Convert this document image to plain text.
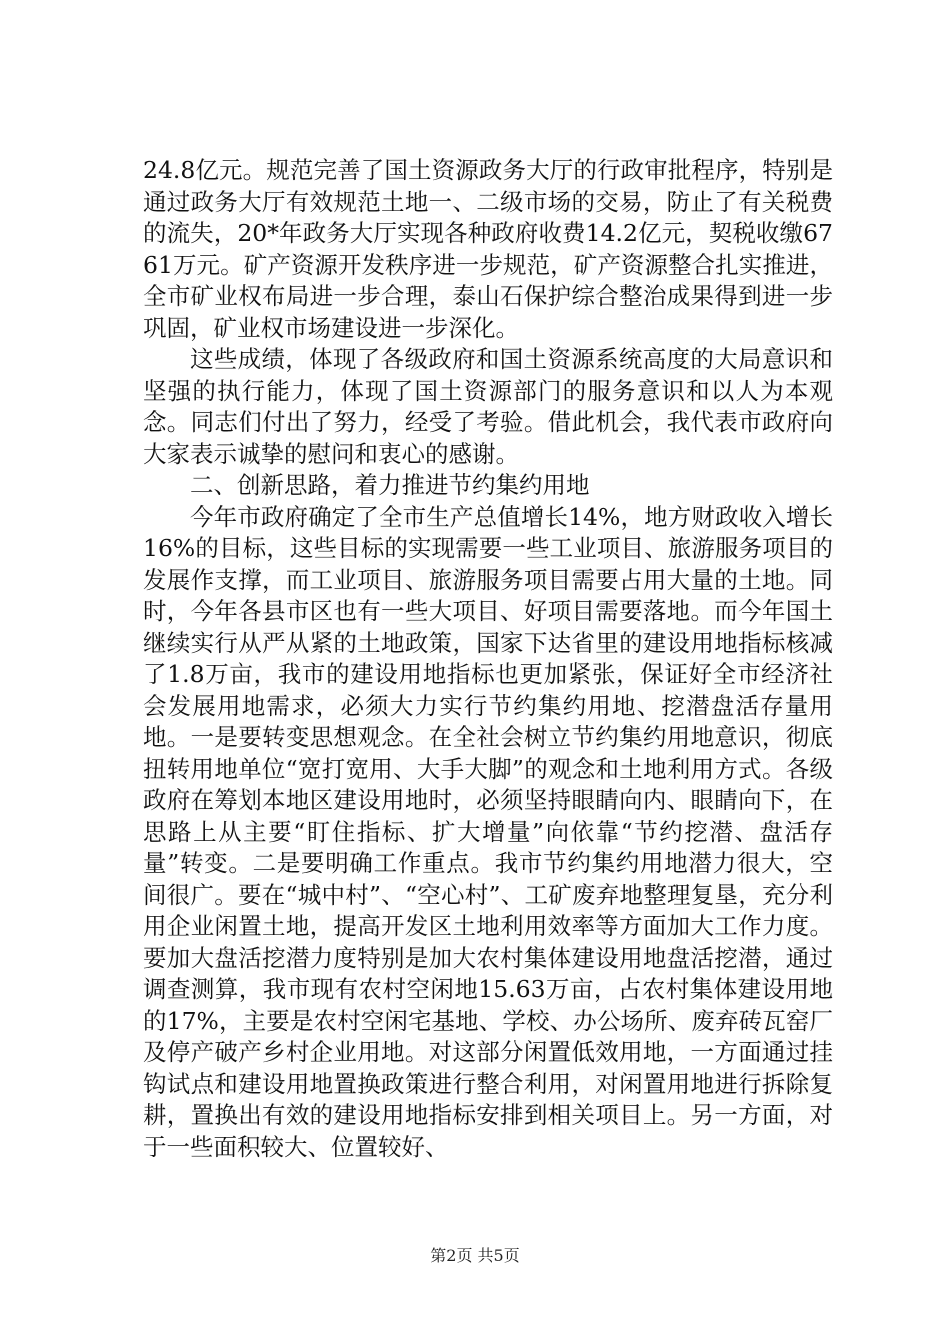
24.8亿元。规范完善了国土资源政务大厅的行政审批程序，特别是通过政务大厅有效规范土地一、二级市场的交易，防止了有关税费的流失，20*年政务大厅实现各种政府收费14.2亿元，契税收缴6761万元。矿产资源开发秩序进一步规范，矿产资源整合扎实推进，全市矿业权布局进一步合理，泰山石保护综合整治成果得到进一步巩固，矿业权市场建设进一步深化。

这些成绩，体现了各级政府和国土资源系统高度的大局意识和坚强的执行能力，体现了国土资源部门的服务意识和以人为本观念。同志们付出了努力，经受了考验。借此机会，我代表市政府向大家表示诚挚的慰问和衷心的感谢。

二、创新思路，着力推进节约集约用地

今年市政府确定了全市生产总值增长14%，地方财政收入增长16%的目标，这些目标的实现需要一些工业项目、旅游服务项目的发展作支撑，而工业项目、旅游服务项目需要占用大量的土地。同时，今年各县市区也有一些大项目、好项目需要落地。而今年国土继续实行从严从紧的土地政策，国家下达省里的建设用地指标核减了1.8万亩，我市的建设用地指标也更加紧张，保证好全市经济社会发展用地需求，必须大力实行节约集约用地、挖潜盘活存量用地。一是要转变思想观念。在全社会树立节约集约用地意识，彻底扭转用地单位“宽打宽用、大手大脚”的观念和土地利用方式。各级政府在筹划本地区建设用地时，必须坚持眼睛向内、眼睛向下，在思路上从主要“盯住指标、扩大增量”向依靠“节约挖潜、盘活存量”转变。二是要明确工作重点。我市节约集约用地潜力很大，空间很广。要在“城中村”、“空心村”、工矿废弃地整理复垦，充分利用企业闲置土地，提高开发区土地利用效率等方面加大工作力度。要加大盘活挖潜力度特别是加大农村集体建设用地盘活挖潜，通过调查测算，我市现有农村空闲地15.63万亩，占农村集体建设用地的17%，主要是农村空闲宅基地、学校、办公场所、废弃砖瓦窑厂及停产破产乡村企业用地。对这部分闲置低效用地，一方面通过挂钩试点和建设用地置换政策进行整合利用，对闲置用地进行拆除复耕，置换出有效的建设用地指标安排到相关项目上。另一方面，对于一些面积较大、位置较好、

第2页 共5页
